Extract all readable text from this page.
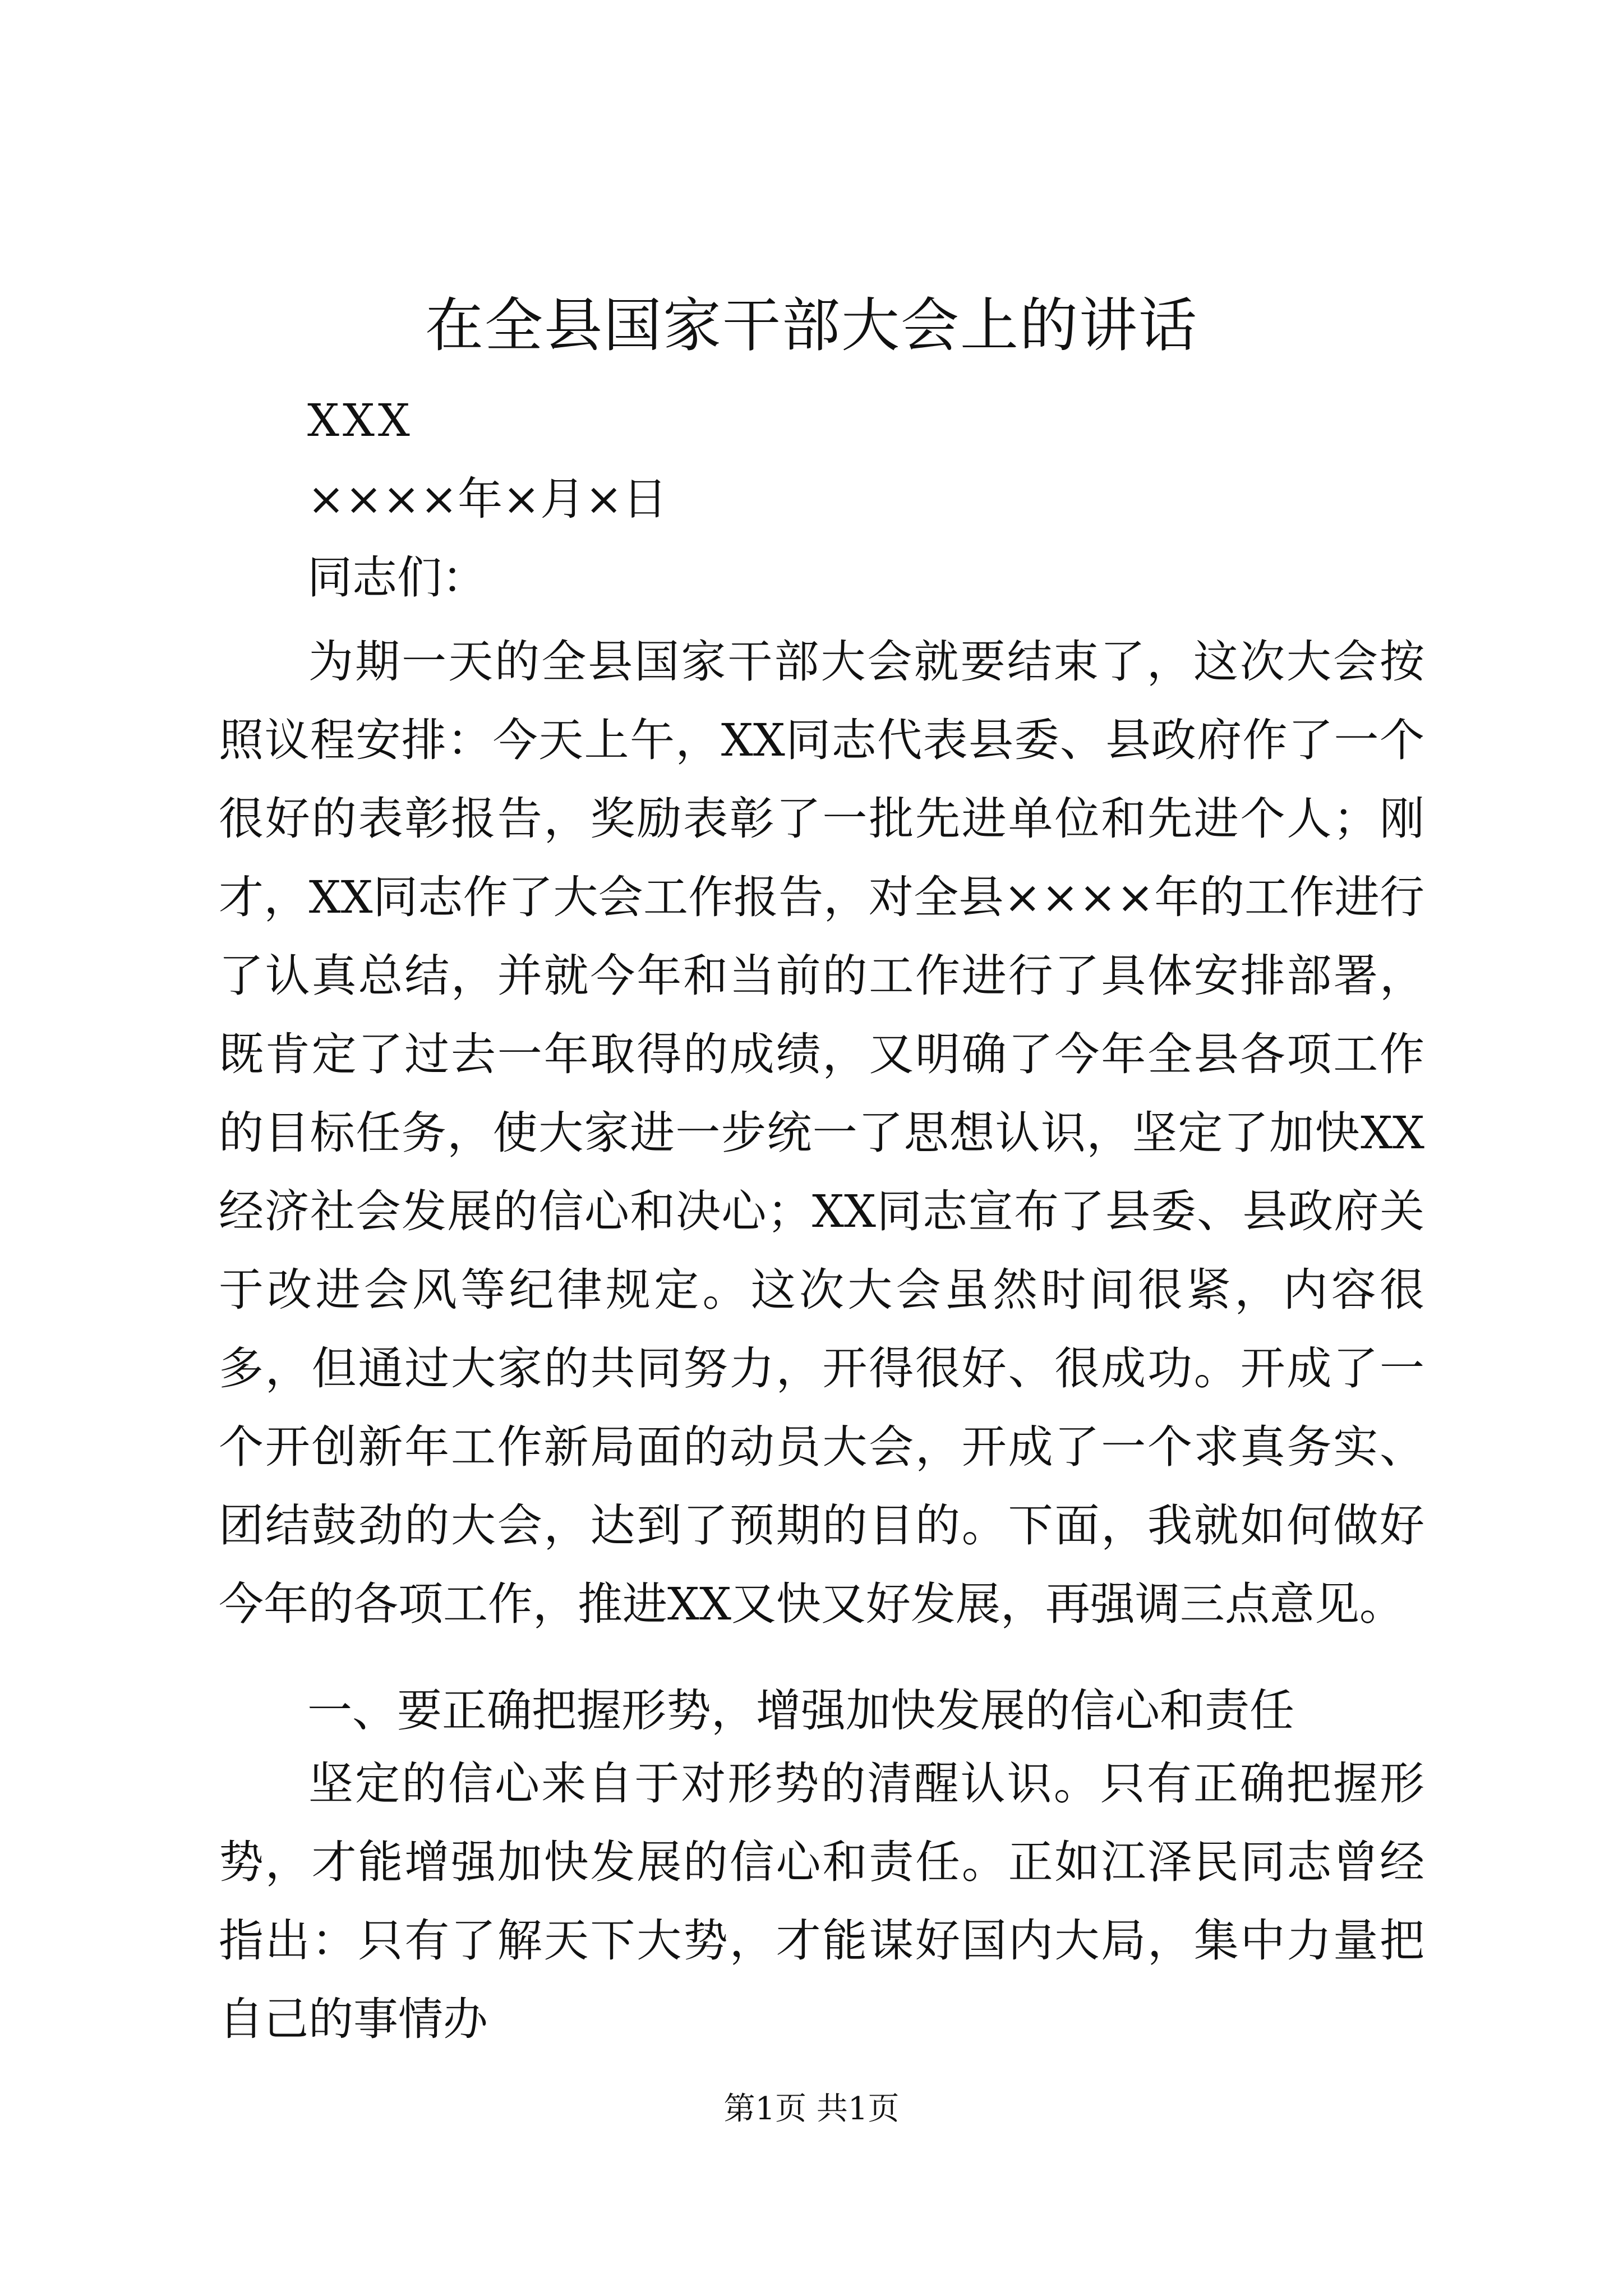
在全县国家干部大会上的讲话

XXX

××××年×月×日

同志们：

为期一天的全县国家干部大会就要结束了，这次大会按照议程安排：今天上午，XX同志代表县委、县政府作了一个很好的表彰报告，奖励表彰了一批先进单位和先进个人；刚才，XX同志作了大会工作报告，对全县××××年的工作进行了认真总结，并就今年和当前的工作进行了具体安排部署，既肯定了过去一年取得的成绩，又明确了今年全县各项工作的目标任务，使大家进一步统一了思想认识，坚定了加快XX经济社会发展的信心和决心；XX同志宣布了县委、县政府关于改进会风等纪律规定。这次大会虽然时间很紧，内容很多，但通过大家的共同努力，开得很好、很成功。开成了一个开创新年工作新局面的动员大会，开成了一个求真务实、团结鼓劲的大会，达到了预期的目的。下面，我就如何做好今年的各项工作，推进XX又快又好发展，再强调三点意见。

一、要正确把握形势，增强加快发展的信心和责任

坚定的信心来自于对形势的清醒认识。只有正确把握形势，才能增强加快发展的信心和责任。正如江泽民同志曾经指出：只有了解天下大势，才能谋好国内大局，集中力量把自己的事情办

第1页 共1页
